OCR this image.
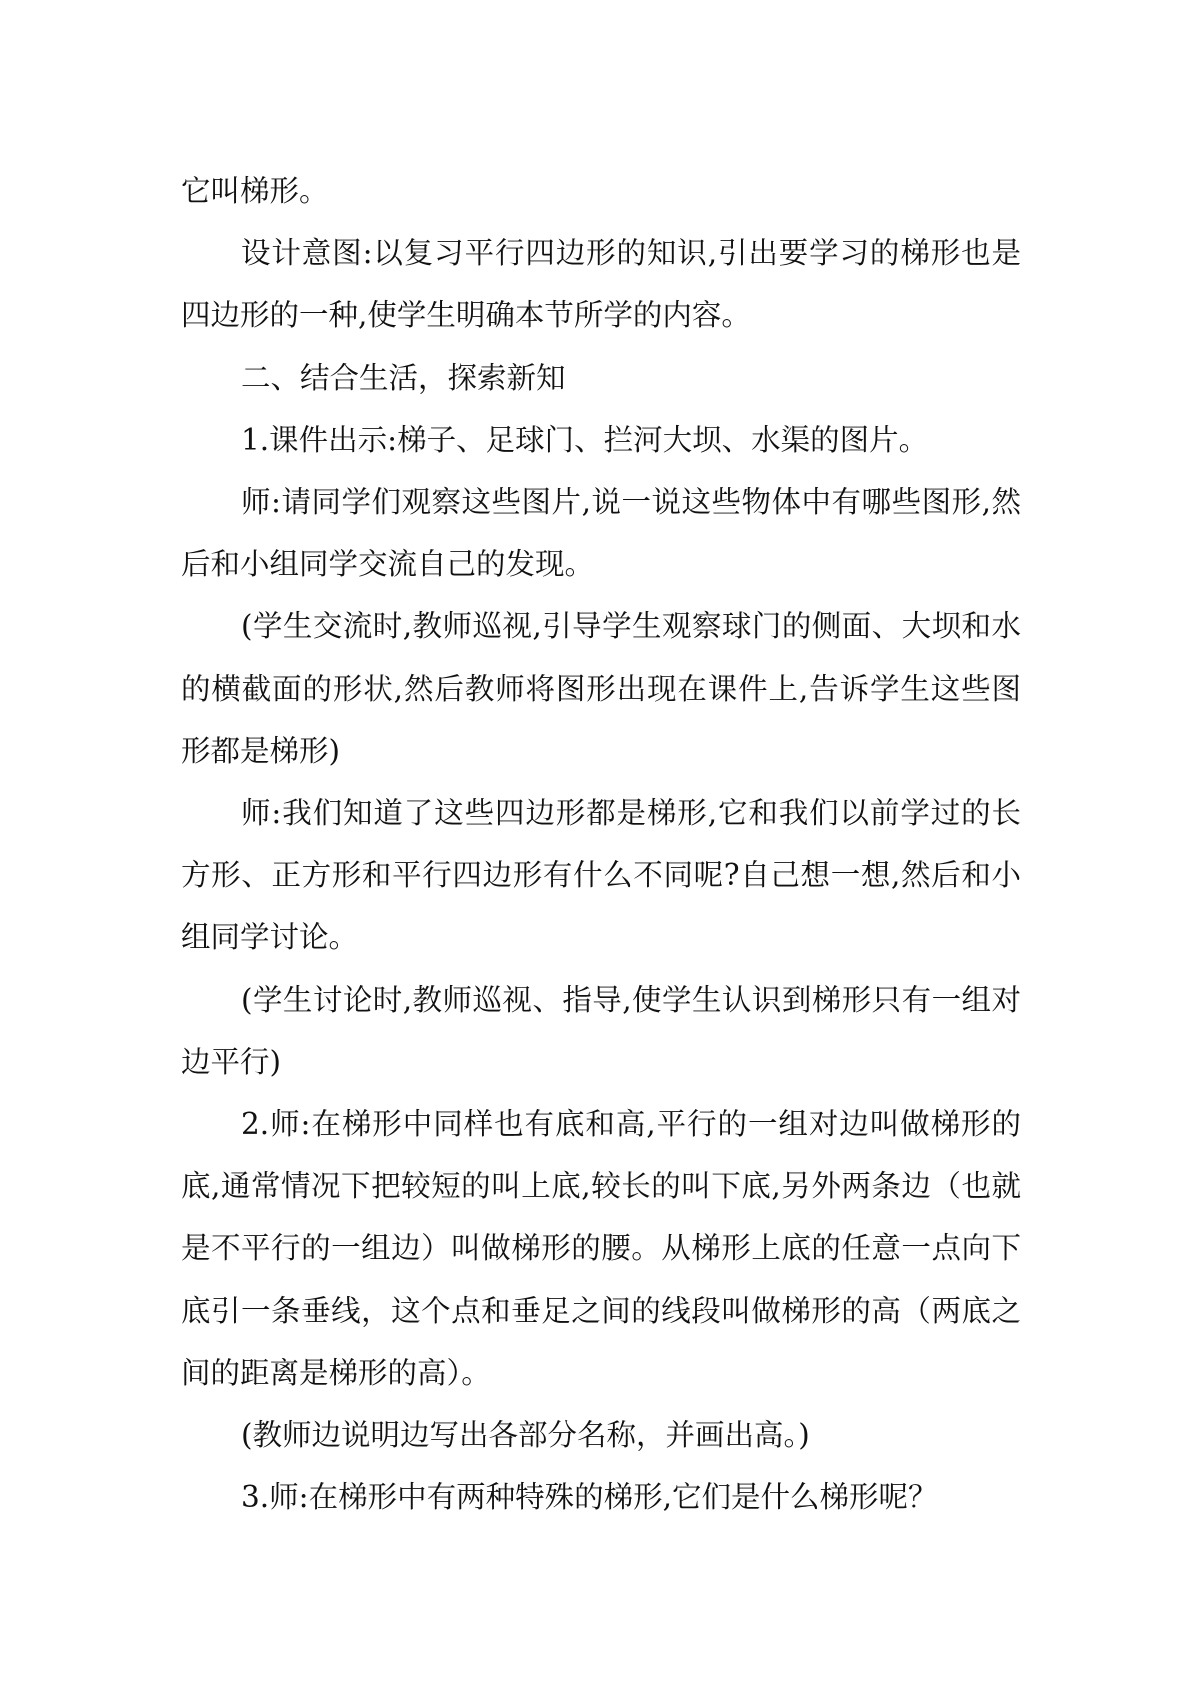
它叫梯形。

设计意图:以复习平行四边形的知识,引出要学习的梯形也是四边形的一种,使学生明确本节所学的内容。

二、结合生活，探索新知

1.课件出示:梯子、足球门、拦河大坝、水渠的图片。

师:请同学们观察这些图片,说一说这些物体中有哪些图形,然后和小组同学交流自己的发现。

(学生交流时,教师巡视,引导学生观察球门的侧面、大坝和水的横截面的形状,然后教师将图形出现在课件上,告诉学生这些图形都是梯形)

师:我们知道了这些四边形都是梯形,它和我们以前学过的长方形、正方形和平行四边形有什么不同呢?自己想一想,然后和小组同学讨论。

(学生讨论时,教师巡视、指导,使学生认识到梯形只有一组对边平行)

2.师:在梯形中同样也有底和高,平行的一组对边叫做梯形的底,通常情况下把较短的叫上底,较长的叫下底,另外两条边（也就是不平行的一组边）叫做梯形的腰。从梯形上底的任意一点向下底引一条垂线，这个点和垂足之间的线段叫做梯形的高（两底之间的距离是梯形的高）。

(教师边说明边写出各部分名称，并画出高。)

3.师:在梯形中有两种特殊的梯形,它们是什么梯形呢？
